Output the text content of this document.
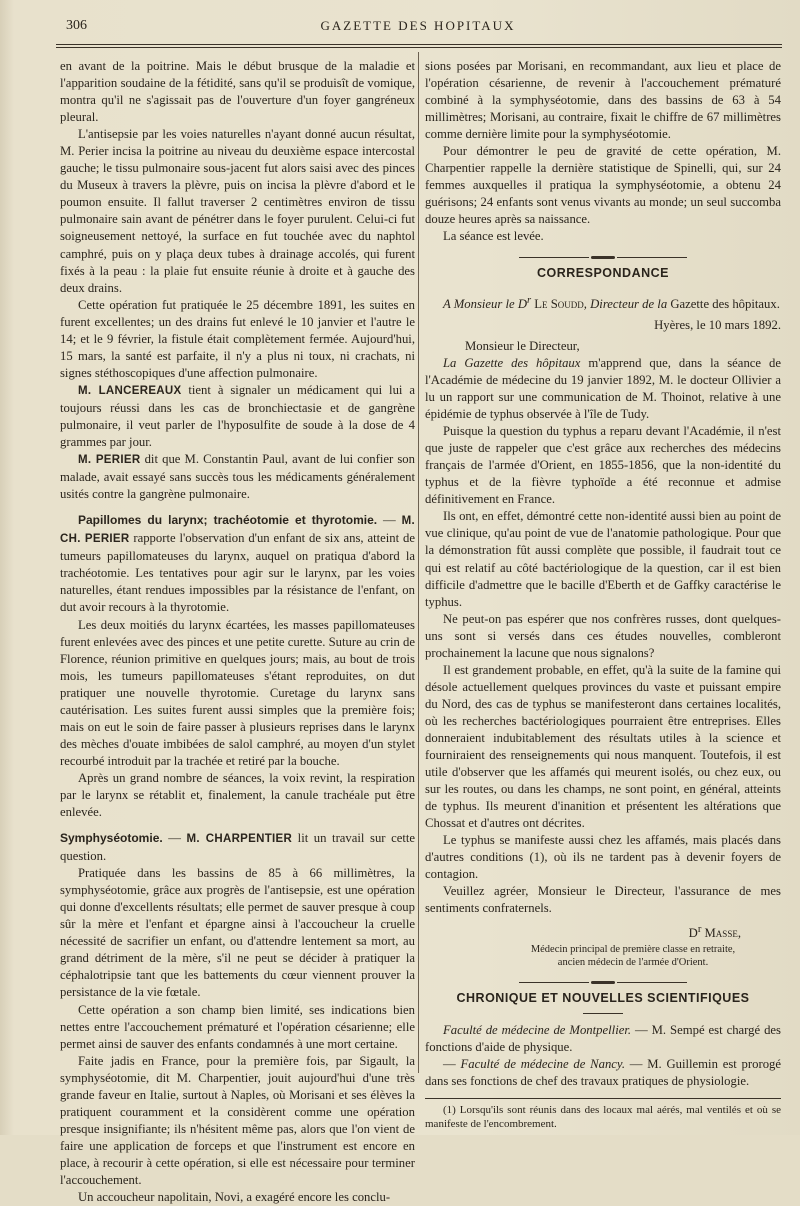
306	GAZETTE DES HOPITAUX

en avant de la poitrine. Mais le début brusque de la maladie et l'apparition soudaine de la fétidité, sans qu'il se produisît de vomique, montra qu'il ne s'agissait pas de l'ouverture d'un foyer gangréneux pleural.

L'antisepsie par les voies naturelles n'ayant donné aucun résultat, M. Perier incisa la poitrine au niveau du deuxième espace intercostal gauche; le tissu pulmonaire sous-jacent fut alors saisi avec des pinces du Museux à travers la plèvre, puis on incisa la plèvre d'abord et le poumon ensuite. Il fallut traverser 2 centimètres environ de tissu pulmonaire sain avant de pénétrer dans le foyer purulent. Celui-ci fut soigneusement nettoyé, la surface en fut touchée avec du naphtol camphré, puis on y plaça deux tubes à drainage accolés, qui furent fixés à la peau : la plaie fut ensuite réunie à droite et à gauche des deux drains.

Cette opération fut pratiquée le 25 décembre 1891, les suites en furent excellentes; un des drains fut enlevé le 10 janvier et l'autre le 14; et le 9 février, la fistule était complètement fermée. Aujourd'hui, 15 mars, la santé est parfaite, il n'y a plus ni toux, ni crachats, ni signes stéthoscopiques d'une affection pulmonaire.

M. LANCEREAUX tient à signaler un médicament qui lui a toujours réussi dans les cas de bronchiectasie et de gangrène pulmonaire, il veut parler de l'hyposulfite de soude à la dose de 4 grammes par jour.

M. PERIER dit que M. Constantin Paul, avant de lui confier son malade, avait essayé sans succès tous les médicaments généralement usités contre la gangrène pulmonaire.

Papillomes du larynx; trachéotomie et thyrotomie. — M. CH. PERIER rapporte l'observation d'un enfant de six ans, atteint de tumeurs papillomateuses du larynx, auquel on pratiqua d'abord la trachéotomie. Les tentatives pour agir sur le larynx, par les voies naturelles, étant rendues impossibles par la résistance de l'enfant, on dut avoir recours à la thyrotomie.

Les deux moitiés du larynx écartées, les masses papillomateuses furent enlevées avec des pinces et une petite curette. Suture au crin de Florence, réunion primitive en quelques jours; mais, au bout de trois mois, les tumeurs papillomateuses s'étant reproduites, on dut pratiquer une nouvelle thyrotomie. Curetage du larynx sans cautérisation. Les suites furent aussi simples que la première fois; mais on eut le soin de faire passer à plusieurs reprises dans le larynx des mèches d'ouate imbibées de salol camphré, au moyen d'un stylet recourbé introduit par la trachée et retiré par la bouche.

Après un grand nombre de séances, la voix revint, la respiration par le larynx se rétablit et, finalement, la canule trachéale put être enlevée.

Symphyséotomie. — M. CHARPENTIER lit un travail sur cette question.

Pratiquée dans les bassins de 85 à 66 millimètres, la symphyséotomie, grâce aux progrès de l'antisepsie, est une opération qui donne d'excellents résultats; elle permet de sauver presque à coup sûr la mère et l'enfant et épargne ainsi à l'accoucheur la cruelle nécessité de sacrifier un enfant, ou d'attendre lentement sa mort, au grand détriment de la mère, s'il ne peut se décider à pratiquer la céphalotripsie tant que les battements du cœur viennent prouver la persistance de la vie fœtale.

Cette opération a son champ bien limité, ses indications bien nettes entre l'accouchement prématuré et l'opération césarienne; elle permet ainsi de sauver des enfants condamnés à une mort certaine.

Faite jadis en France, pour la première fois, par Sigault, la symphyséotomie, dit M. Charpentier, jouit aujourd'hui d'une très grande faveur en Italie, surtout à Naples, où Morisani et ses élèves la pratiquent couramment et la considèrent comme une opération presque insignifiante; ils n'hésitent même pas, alors que l'on vient de faire une application de forceps et que l'instrument est encore en place, à recourir à cette opération, si elle est nécessaire pour terminer l'accouchement.

Un accoucheur napolitain, Novi, a exagéré encore les conclu-

sions posées par Morisani, en recommandant, aux lieu et place de l'opération césarienne, de revenir à l'accouchement prématuré combiné à la symphyséotomie, dans des bassins de 63 à 54 millimètres; Morisani, au contraire, fixait le chiffre de 67 millimètres comme dernière limite pour la symphyséotomie.

Pour démontrer le peu de gravité de cette opération, M. Charpentier rappelle la dernière statistique de Spinelli, qui, sur 24 femmes auxquelles il pratiqua la symphyséotomie, a obtenu 24 guérisons; 24 enfants sont venus vivants au monde; un seul succomba douze heures après sa naissance.

La séance est levée.

CORRESPONDANCE

A Monsieur le $D^r$ Le Soudd, Directeur de la Gazette des hôpitaux.

Hyères, le 10 mars 1892.

Monsieur le Directeur,

La Gazette des hôpitaux m'apprend que, dans la séance de l'Académie de médecine du 19 janvier 1892, M. le docteur Ollivier a lu un rapport sur une communication de M. Thoinot, relative à une épidémie de typhus observée à l'île de Tudy.

Puisque la question du typhus a reparu devant l'Académie, il n'est que juste de rappeler que c'est grâce aux recherches des médecins français de l'armée d'Orient, en 1855-1856, que la non-identité du typhus et de la fièvre typhoïde a été reconnue et admise définitivement en France.

Ils ont, en effet, démontré cette non-identité aussi bien au point de vue clinique, qu'au point de vue de l'anatomie pathologique. Pour que la démonstration fût aussi complète que possible, il faudrait tout ce qui est relatif au côté bactériologique de la question, car il est bien difficile d'admettre que le bacille d'Eberth et de Gaffky caractérise le typhus.

Ne peut-on pas espérer que nos confrères russes, dont quelques-uns sont si versés dans ces études nouvelles, combleront prochainement la lacune que nous signalons?

Il est grandement probable, en effet, qu'à la suite de la famine qui désole actuellement quelques provinces du vaste et puissant empire du Nord, des cas de typhus se manifesteront dans certaines localités, où les recherches bactériologiques pourraient être entreprises. Elles donneraient indubitablement des résultats utiles à la science et fourniraient des renseignements qui nous manquent. Toutefois, il est utile d'observer que les affamés qui meurent isolés, ou chez eux, ou sur les routes, ou dans les champs, ne sont point, en général, atteints de typhus. Ils meurent d'inanition et présentent les altérations que Chossat et d'autres ont décrites.

Le typhus se manifeste aussi chez les affamés, mais placés dans d'autres conditions (1), où ils ne tardent pas à devenir foyers de contagion.

Veuillez agréer, Monsieur le Directeur, l'assurance de mes sentiments confraternels.

$D^r$ Masse,
Médecin principal de première classe en retraite,
ancien médecin de l'armée d'Orient.
CHRONIQUE ET NOUVELLES SCIENTIFIQUES

Faculté de médecine de Montpellier. — M. Sempé est chargé des fonctions d'aide de physique.

— Faculté de médecine de Nancy. — M. Guillemin est prorogé dans ses fonctions de chef des travaux pratiques de physiologie.

(1) Lorsqu'ils sont réunis dans des locaux mal aérés, mal ventilés et où se manifeste de l'encombrement.
